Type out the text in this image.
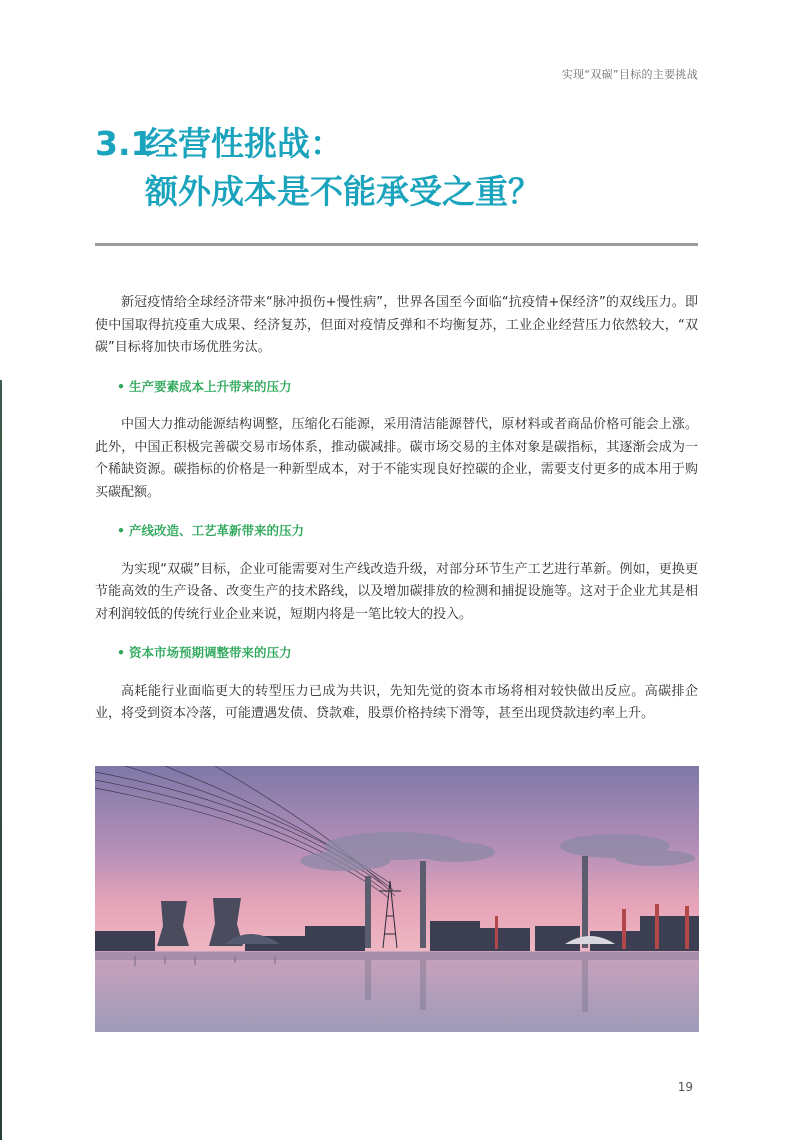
实现“双碳”目标的主要挑战
3.1经营性挑战：
额外成本是不能承受之重？

新冠疫情给全球经济带来“脉冲损伤+慢性病”，世界各国至今面临“抗疫情+保经济”的双线压力。即使中国取得抗疫重大成果、经济复苏，但面对疫情反弹和不均衡复苏，工业企业经营压力依然较大，“双碳”目标将加快市场优胜劣汰。

• 生产要素成本上升带来的压力

中国大力推动能源结构调整，压缩化石能源，采用清洁能源替代，原材料或者商品价格可能会上涨。此外，中国正积极完善碳交易市场体系，推动碳减排。碳市场交易的主体对象是碳指标，其逐渐会成为一个稀缺资源。碳指标的价格是一种新型成本，对于不能实现良好控碳的企业，需要支付更多的成本用于购买碳配额。

• 产线改造、工艺革新带来的压力

为实现“双碳”目标，企业可能需要对生产线改造升级，对部分环节生产工艺进行革新。例如，更换更节能高效的生产设备、改变生产的技术路线，以及增加碳排放的检测和捕捉设施等。这对于企业尤其是相对利润较低的传统行业企业来说，短期内将是一笔比较大的投入。

• 资本市场预期调整带来的压力

高耗能行业面临更大的转型压力已成为共识，先知先觉的资本市场将相对较快做出反应。高碳排企业，将受到资本冷落，可能遭遇发债、贷款难，股票价格持续下滑等，甚至出现贷款违约率上升。

19
